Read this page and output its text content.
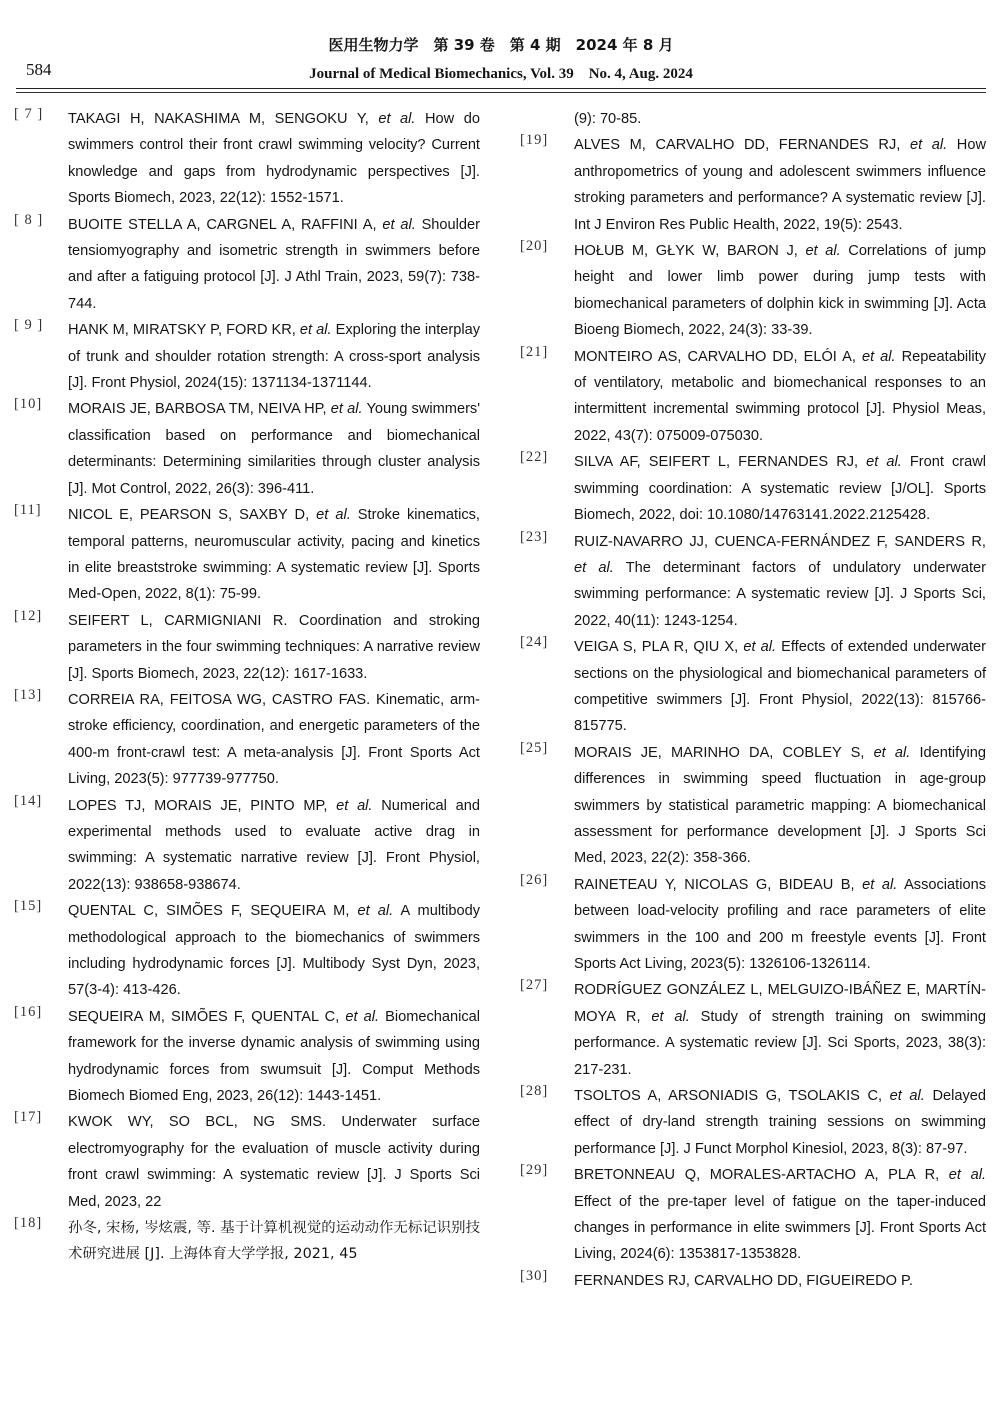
584
医用生物力学　第 39 卷　第 4 期　2024 年 8 月
Journal of Medical Biomechanics, Vol. 39　No. 4, Aug. 2024
[ 7 ]	TAKAGI H, NAKASHIMA M, SENGOKU Y, et al. How do swimmers control their front crawl swimming velocity? Current knowledge and gaps from hydrodynamic perspectives [J]. Sports Biomech, 2023, 22(12): 1552-1571.
[ 8 ]	BUOITE STELLA A, CARGNEL A, RAFFINI A, et al. Shoulder tensiomyography and isometric strength in swimmers before and after a fatiguing protocol [J]. J Athl Train, 2023, 59(7): 738-744.
[ 9 ]	HANK M, MIRATSKY P, FORD KR, et al. Exploring the interplay of trunk and shoulder rotation strength: A cross-sport analysis [J]. Front Physiol, 2024(15): 1371134-1371144.
[10]	MORAIS JE, BARBOSA TM, NEIVA HP, et al. Young swimmers' classification based on performance and biomechanical determinants: Determining similarities through cluster analysis [J]. Mot Control, 2022, 26(3): 396-411.
[11]	NICOL E, PEARSON S, SAXBY D, et al. Stroke kinematics, temporal patterns, neuromuscular activity, pacing and kinetics in elite breaststroke swimming: A systematic review [J]. Sports Med-Open, 2022, 8(1): 75-99.
[12]	SEIFERT L, CARMIGNIANI R. Coordination and stroking parameters in the four swimming techniques: A narrative review [J]. Sports Biomech, 2023, 22(12): 1617-1633.
[13]	CORREIA RA, FEITOSA WG, CASTRO FAS. Kinematic, arm-stroke efficiency, coordination, and energetic parameters of the 400-m front-crawl test: A meta-analysis [J]. Front Sports Act Living, 2023(5): 977739-977750.
[14]	LOPES TJ, MORAIS JE, PINTO MP, et al. Numerical and experimental methods used to evaluate active drag in swimming: A systematic narrative review [J]. Front Physiol, 2022(13): 938658-938674.
[15]	QUENTAL C, SIMÕES F, SEQUEIRA M, et al. A multibody methodological approach to the biomechanics of swimmers including hydrodynamic forces [J]. Multibody Syst Dyn, 2023, 57(3-4): 413-426.
[16]	SEQUEIRA M, SIMÕES F, QUENTAL C, et al. Biomechanical framework for the inverse dynamic analysis of swimming using hydrodynamic forces from swumsuit [J]. Comput Methods Biomech Biomed Eng, 2023, 26(12): 1443-1451.
[17]	KWOK WY, SO BCL, NG SMS. Underwater surface electromyography for the evaluation of muscle activity during front crawl swimming: A systematic review [J]. J Sports Sci Med, 2023, 22
[18]	孙冬, 宋杨, 岑炫震, 等. 基于计算机视觉的运动动作无标记识别技术研究进展 [J]. 上海体育大学学报, 2021, 45
(9): 70-85.
[19]	ALVES M, CARVALHO DD, FERNANDES RJ, et al. How anthropometrics of young and adolescent swimmers influence stroking parameters and performance? A systematic review [J]. Int J Environ Res Public Health, 2022, 19(5): 2543.
[20]	HOŁUB M, GŁYK W, BARON J, et al. Correlations of jump height and lower limb power during jump tests with biomechanical parameters of dolphin kick in swimming [J]. Acta Bioeng Biomech, 2022, 24(3): 33-39.
[21]	MONTEIRO AS, CARVALHO DD, ELÓI A, et al. Repeatability of ventilatory, metabolic and biomechanical responses to an intermittent incremental swimming protocol [J]. Physiol Meas, 2022, 43(7): 075009-075030.
[22]	SILVA AF, SEIFERT L, FERNANDES RJ, et al. Front crawl swimming coordination: A systematic review [J/OL]. Sports Biomech, 2022, doi: 10.1080/14763141.2022.2125428.
[23]	RUIZ-NAVARRO JJ, CUENCA-FERNÁNDEZ F, SANDERS R, et al. The determinant factors of undulatory underwater swimming performance: A systematic review [J]. J Sports Sci, 2022, 40(11): 1243-1254.
[24]	VEIGA S, PLA R, QIU X, et al. Effects of extended underwater sections on the physiological and biomechanical parameters of competitive swimmers [J]. Front Physiol, 2022(13): 815766-815775.
[25]	MORAIS JE, MARINHO DA, COBLEY S, et al. Identifying differences in swimming speed fluctuation in age-group swimmers by statistical parametric mapping: A biomechanical assessment for performance development [J]. J Sports Sci Med, 2023, 22(2): 358-366.
[26]	RAINETEAU Y, NICOLAS G, BIDEAU B, et al. Associations between load-velocity profiling and race parameters of elite swimmers in the 100 and 200 m freestyle events [J]. Front Sports Act Living, 2023(5): 1326106-1326114.
[27]	RODRÍGUEZ GONZÁLEZ L, MELGUIZO-IBÁÑEZ E, MARTÍN-MOYA R, et al. Study of strength training on swimming performance. A systematic review [J]. Sci Sports, 2023, 38(3): 217-231.
[28]	TSOLTOS A, ARSONIADIS G, TSOLAKIS C, et al. Delayed effect of dry-land strength training sessions on swimming performance [J]. J Funct Morphol Kinesiol, 2023, 8(3): 87-97.
[29]	BRETONNEAU Q, MORALES-ARTACHO A, PLA R, et al. Effect of the pre-taper level of fatigue on the taper-induced changes in performance in elite swimmers [J]. Front Sports Act Living, 2024(6): 1353817-1353828.
[30]	FERNANDES RJ, CARVALHO DD, FIGUEIREDO P.
